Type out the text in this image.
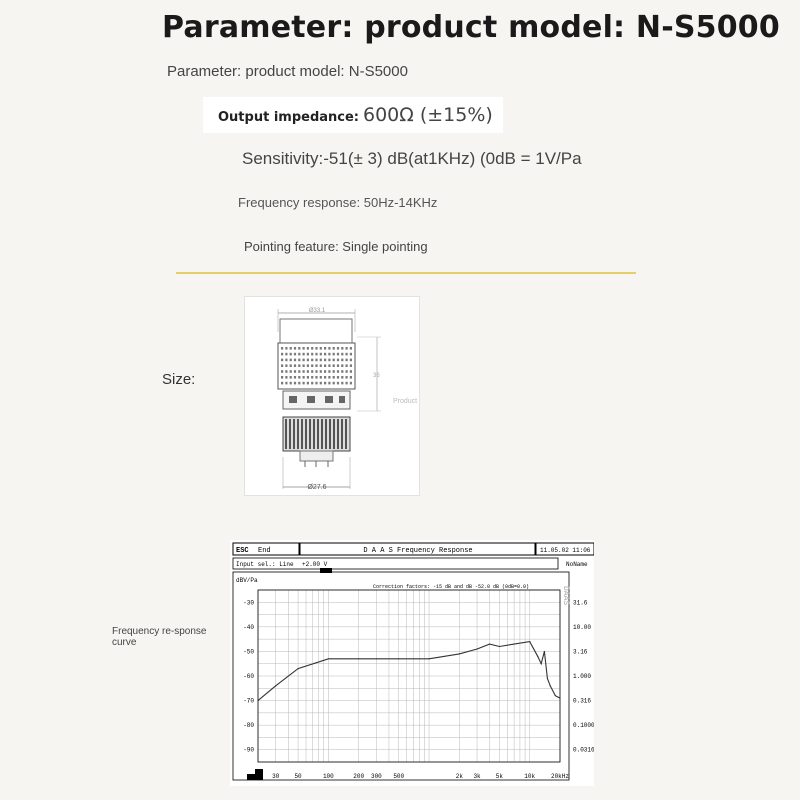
Parameter: product model: N-S5000
Parameter: product model: N-S5000
Output impedance: 600Ω (±15%)
Sensitivity:-51(± 3) dB(at1KHz) (0dB = 1V/Pa
Frequency response: 50Hz-14KHz
Pointing feature: Single pointing
Size:
Ø33.1
36
Product
Ø27.6
Frequency re-sponse curve
ESC End	D A A S Frequency Response	11.05.02 11:06
Input sel.: Line +2.00 V	NoName
dBV/Pa
Correction factors: -15 dB and dB -52.0 dB (0dB=0.0)	DAAS
-30
-40
-50
-60
-70
-80
-90
31.6
10.00
3.16
1.000
0.316
0.1000
0.0316
30	50	100	200 300 500	2k 3k	5k	10k	20kHz
